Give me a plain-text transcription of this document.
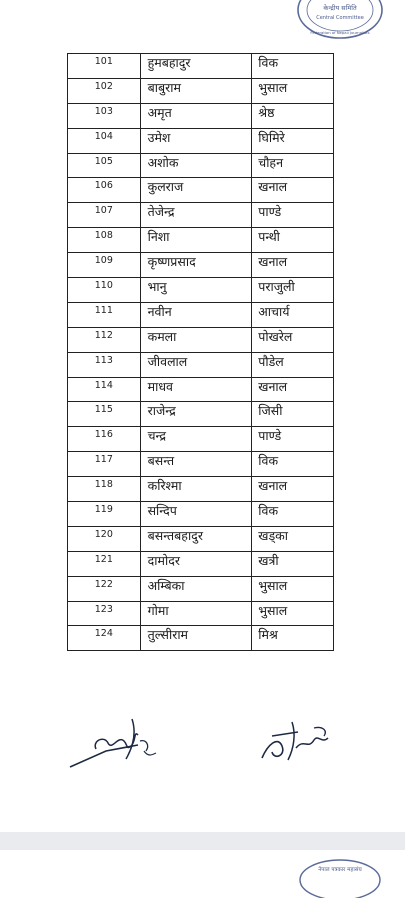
केन्द्रीय समिति
Central Committee
Federation of Nepali Journalists
101	हुमबहादुर	विक
102	बाबुराम	भुसाल
103	अमृत	श्रेष्ठ
104	उमेश	घिमिरे
105	अशोक	चौहन
106	कुलराज	खनाल
107	तेजेन्द्र	पाण्डे
108	निशा	पन्थी
109	कृष्णप्रसाद	खनाल
110	भानु	पराजुली
111	नवीन	आचार्य
112	कमला	पोखरेल
113	जीवलाल	पौडेल
114	माधव	खनाल
115	राजेन्द्र	जिसी
116	चन्द्र	पाण्डे
117	बसन्त	विक
118	करिश्मा	खनाल
119	सन्दिप	विक
120	बसन्तबहादुर	खड्का
121	दामोदर	खत्री
122	अम्बिका	भुसाल
123	गोमा	भुसाल
124	तुल्सीराम	मिश्र
नेपाल पत्रकार महासंघ
